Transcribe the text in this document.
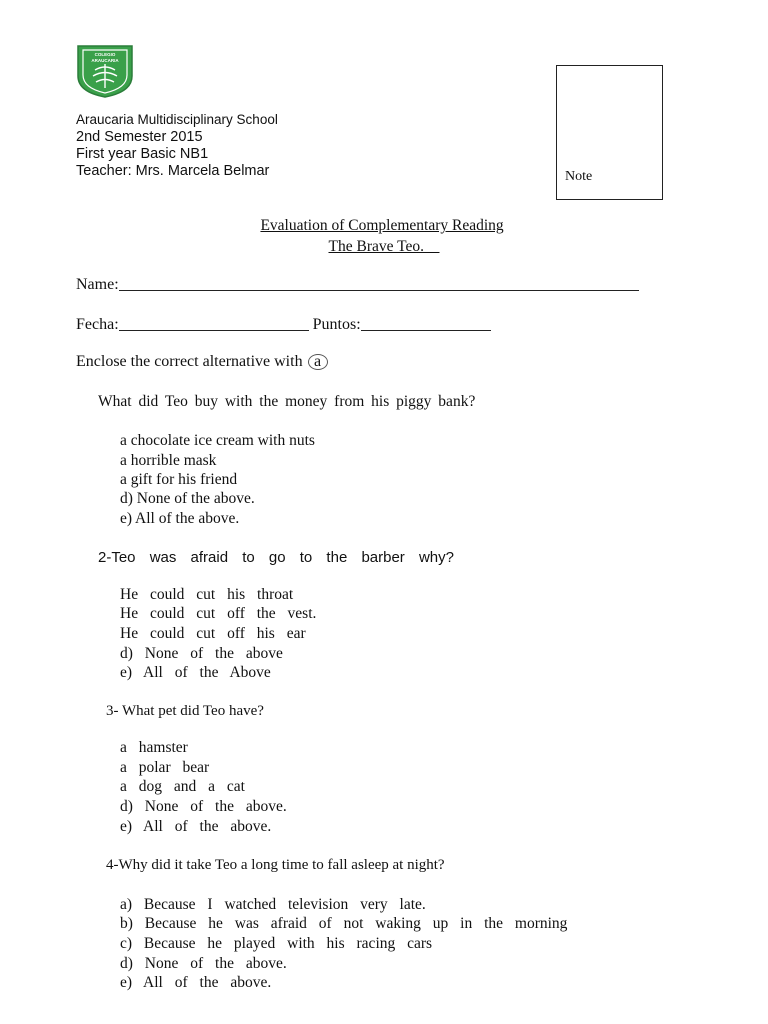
COLEGIO
ARAUCARIA
Araucaria Multidisciplinary School
2nd Semester 2015
First year Basic NB1
Teacher: Mrs. Marcela Belmar	Note
Evaluation of Complementary Reading
The Brave Teo.
Name:
Fecha:	Puntos:
Enclose the correct alternative with a
What did Teo buy with the money from his piggy bank?
a chocolate ice cream with nuts
a horrible mask
a gift for his friend
d) None of the above.
e) All of the above.
2-Teo was afraid to go to the barber why?
He could cut his throat
He could cut off the vest.
He could cut off his ear
d) None of the above
e) All of the Above
3- What pet did Teo have?
a hamster
a polar bear
a dog and a cat
d) None of the above.
e) All of the above.
4-Why did it take Teo a long time to fall asleep at night?
a) Because I watched television very late.
b) Because he was afraid of not waking up in the morning
c) Because he played with his racing cars
d) None of the above.
e) All of the above.
